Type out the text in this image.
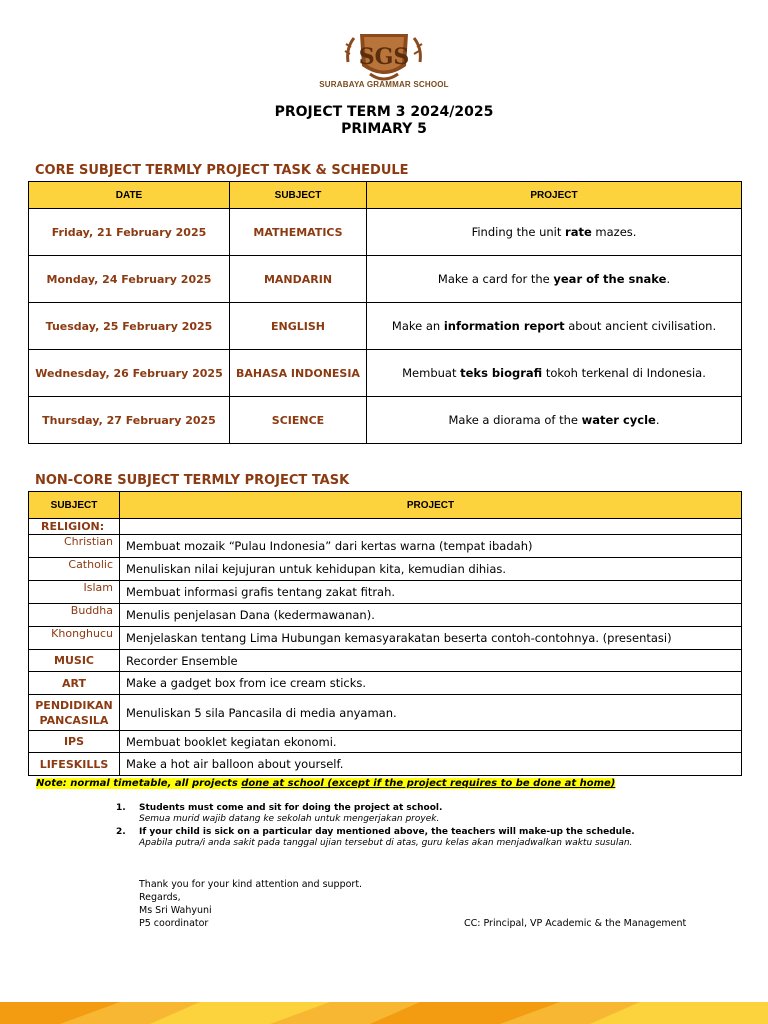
SGS
SURABAYA GRAMMAR SCHOOL
PROJECT TERM 3 2024/2025
PRIMARY 5
CORE SUBJECT TERMLY PROJECT TASK & SCHEDULE
DATE	SUBJECT	PROJECT
Friday, 21 February 2025	MATHEMATICS	Finding the unit rate mazes.
Monday, 24 February 2025	MANDARIN	Make a card for the year of the snake.
Tuesday, 25 February 2025	ENGLISH	Make an information report about ancient civilisation.
Wednesday, 26 February 2025	BAHASA INDONESIA	Membuat teks biografi tokoh terkenal di Indonesia.
Thursday, 27 February 2025	SCIENCE	Make a diorama of the water cycle.
NON-CORE SUBJECT TERMLY PROJECT TASK
SUBJECT	PROJECT
RELIGION:	
Christian	Membuat mozaik “Pulau Indonesia” dari kertas warna (tempat ibadah)
Catholic	Menuliskan nilai kejujuran untuk kehidupan kita, kemudian dihias.
Islam	Membuat informasi grafis tentang zakat fitrah.
Buddha	Menulis penjelasan Dana (kedermawanan).
Khonghucu	Menjelaskan tentang Lima Hubungan kemasyarakatan beserta contoh-contohnya. (presentasi)
MUSIC	Recorder Ensemble
ART	Make a gadget box from ice cream sticks.
PENDIDIKAN PANCASILA	Menuliskan 5 sila Pancasila di media anyaman.
IPS	Membuat booklet kegiatan ekonomi.
LIFESKILLS	Make a hot air balloon about yourself.
Note: normal timetable, all projects done at school (except if the project requires to be done at home)
1. Students must come and sit for doing the project at school.
Semua murid wajib datang ke sekolah untuk mengerjakan proyek.
2. If your child is sick on a particular day mentioned above, the teachers will make-up the schedule.
Apabila putra/i anda sakit pada tanggal ujian tersebut di atas, guru kelas akan menjadwalkan waktu susulan.
Thank you for your kind attention and support.
Regards,
Ms Sri Wahyuni
P5 coordinator	CC: Principal, VP Academic & the Management
